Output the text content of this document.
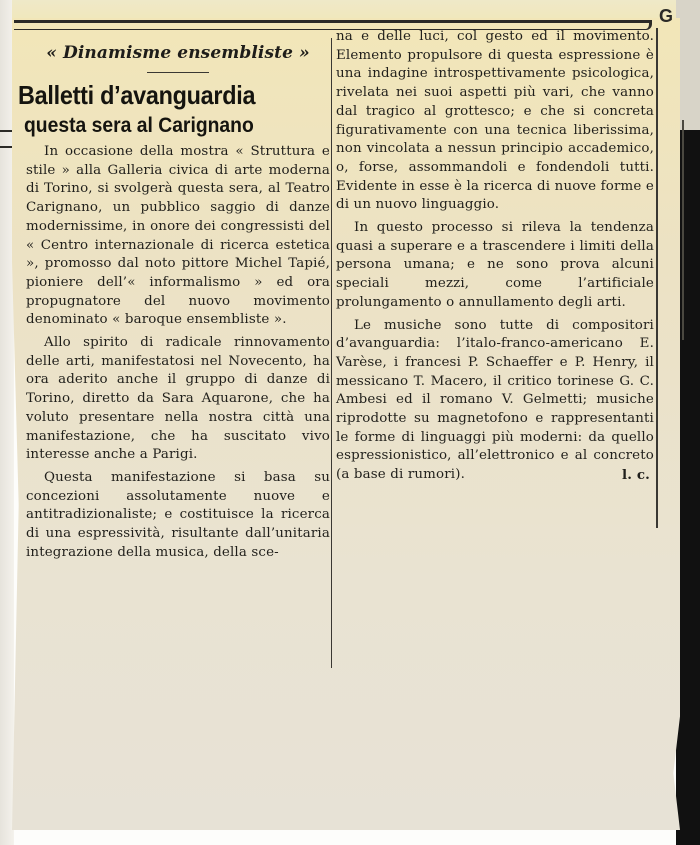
G
« Dinamisme ensembliste »
Balletti d’avanguardia
questa sera al Carignano

In occasione della mostra « Struttura e stile » alla Galleria civica di arte moderna di Torino, si svolgerà questa sera, al Teatro Carignano, un pubblico saggio di danze modernissime, in onore dei congressisti del « Centro internazionale di ricerca estetica », promosso dal noto pittore Michel Tapié, pioniere dell’« informalismo » ed ora propugnatore del nuovo movimento denominato « baroque ensembliste ».

Allo spirito di radicale rinnovamento delle arti, manifestatosi nel Novecento, ha ora aderito anche il gruppo di danze di Torino, diretto da Sara Aquarone, che ha voluto presentare nella nostra città una manifestazione, che ha suscitato vivo interesse anche a Parigi.

Questa manifestazione si basa su concezioni assolutamente nuove e antitradizionaliste; e costituisce la ricerca di una espressività, risultante dall’unitaria integrazione della musica, della sce-

na e delle luci, col gesto ed il movimento. Elemento propulsore di questa espressione è una indagine introspettivamente psicologica, rivelata nei suoi aspetti più vari, che vanno dal tragico al grottesco; e che si concreta figurativamente con una tecnica liberissima, non vincolata a nessun principio accademico, o, forse, assommandoli e fondendoli tutti. Evidente in esse è la ricerca di nuove forme e di un nuovo linguaggio.

In questo processo si rileva la tendenza quasi a superare e a trascendere i limiti della persona umana; e ne sono prova alcuni speciali mezzi, come l’artificiale prolungamento o annullamento degli arti.

Le musiche sono tutte di compositori d’avanguardia: l’italo-franco-americano E. Varèse, i francesi P. Schaeffer e P. Henry, il messicano T. Macero, il critico torinese G. C. Ambesi ed il romano V. Gelmetti; musiche riprodotte su magnetofono e rappresentanti le forme di linguaggi più moderni: da quello espressionistico, all’elettronico e al concreto (a base di rumori).	l. c.
